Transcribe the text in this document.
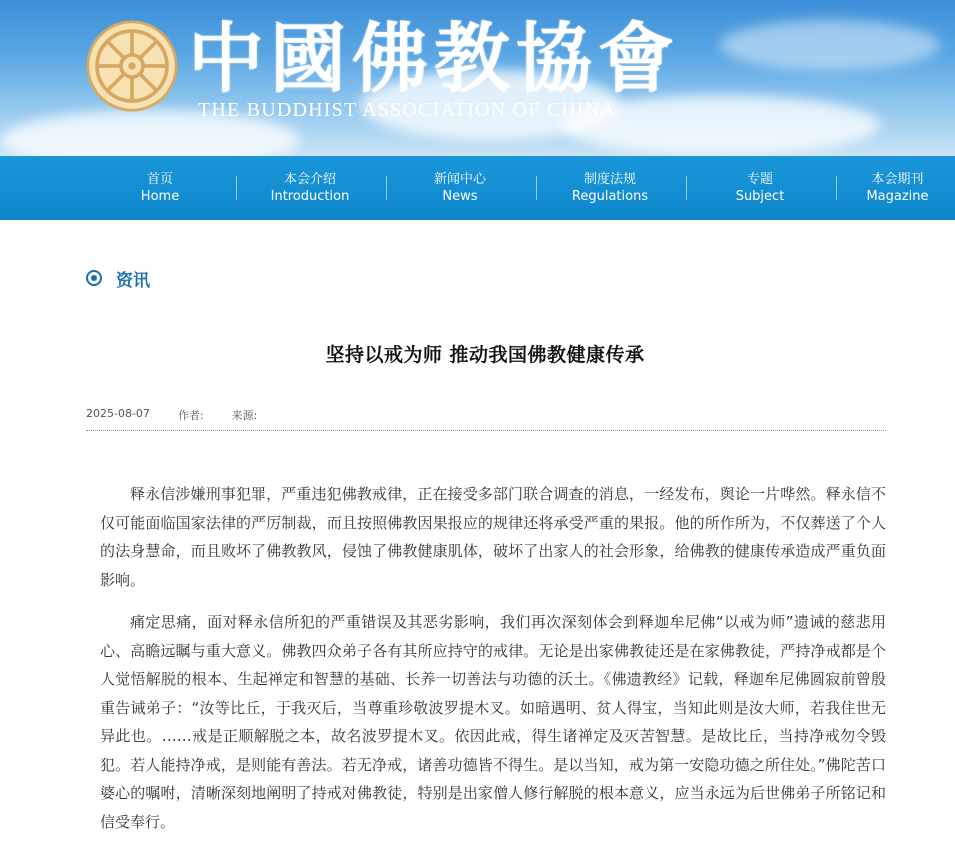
中國佛教協會
THE BUDDHIST ASSOCIATION OF CHINA
首页
Home
本会介绍
Introduction
新闻中心
News
制度法规
Regulations
专题
Subject
本会期刊
Magazine
资讯
坚持以戒为师 推动我国佛教健康传承
2025-08-07	作者:	来源:

释永信涉嫌刑事犯罪，严重违犯佛教戒律，正在接受多部门联合调查的消息，一经发布，舆论一片哗然。释永信不仅可能面临国家法律的严厉制裁，而且按照佛教因果报应的规律还将承受严重的果报。他的所作所为，不仅葬送了个人的法身慧命，而且败坏了佛教教风，侵蚀了佛教健康肌体，破坏了出家人的社会形象，给佛教的健康传承造成严重负面影响。

痛定思痛，面对释永信所犯的严重错误及其恶劣影响，我们再次深刻体会到释迦牟尼佛“以戒为师”遗诫的慈悲用心、高瞻远瞩与重大意义。佛教四众弟子各有其所应持守的戒律。无论是出家佛教徒还是在家佛教徒，严持净戒都是个人觉悟解脱的根本、生起禅定和智慧的基础、长养一切善法与功德的沃土。《佛遗教经》记载，释迦牟尼佛圆寂前曾殷重告诫弟子：“汝等比丘，于我灭后，当尊重珍敬波罗提木叉。如暗遇明、贫人得宝，当知此则是汝大师，若我住世无异此也。……戒是正顺解脱之本，故名波罗提木叉。依因此戒，得生诸禅定及灭苦智慧。是故比丘，当持净戒勿令毁犯。若人能持净戒，是则能有善法。若无净戒，诸善功德皆不得生。是以当知，戒为第一安隐功德之所住处。”佛陀苦口婆心的嘱咐，清晰深刻地阐明了持戒对佛教徒，特别是出家僧人修行解脱的根本意义，应当永远为后世佛弟子所铭记和信受奉行。
